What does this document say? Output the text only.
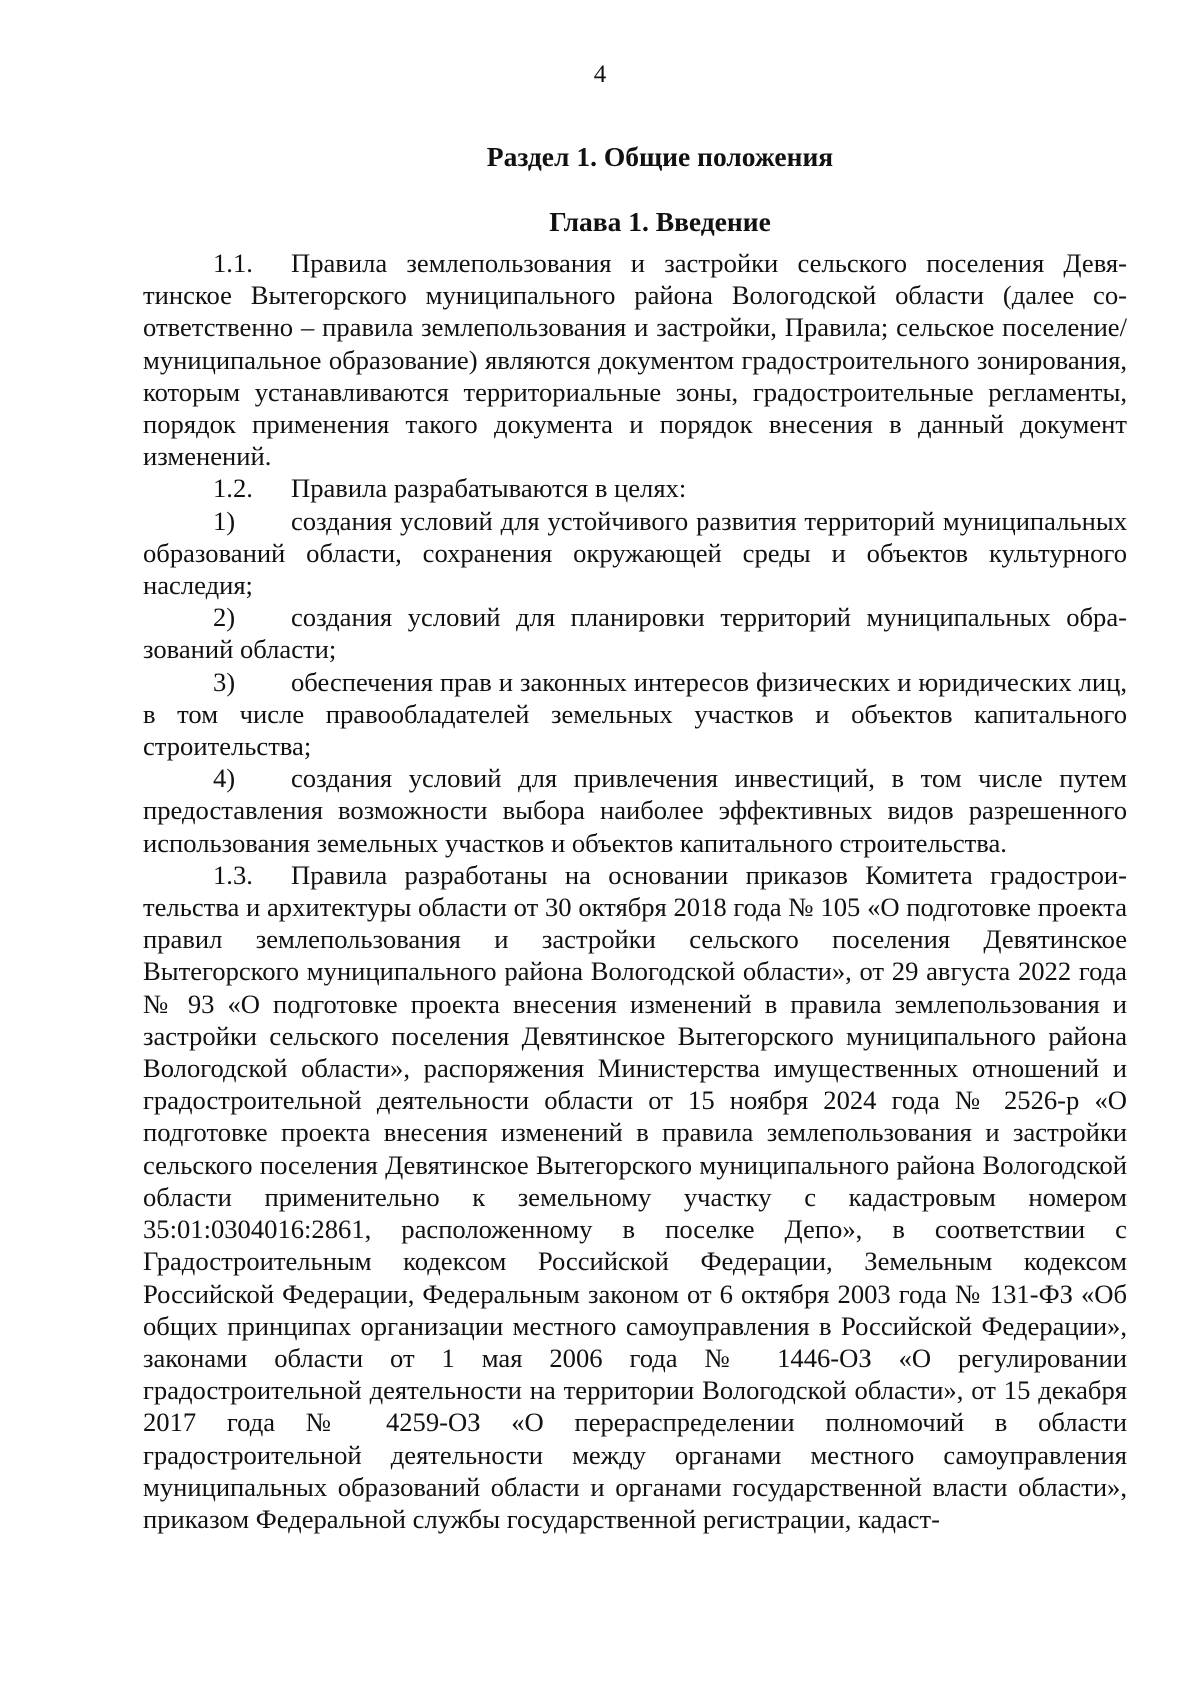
4
Раздел 1. Общие положения
Глава 1. Введение

1.1. Правила землепользования и застройки сельского поселения Девятинское Вытегорского муниципального района Вологодской области (далее соответственно – правила землепользования и застройки, Правила; сельское поселение/муниципальное образование) являются документом градостроительного зонирования, которым устанавливаются территориальные зоны, градостроительные регламенты, порядок применения такого документа и порядок внесения в данный документ изменений.

1.2. Правила разрабатываются в целях:

1) создания условий для устойчивого развития территорий муниципальных образований области, сохранения окружающей среды и объектов культурного наследия;

2) создания условий для планировки территорий муниципальных образований области;

3) обеспечения прав и законных интересов физических и юридических лиц, в том числе правообладателей земельных участков и объектов капитального строительства;

4) создания условий для привлечения инвестиций, в том числе путем предоставления возможности выбора наиболее эффективных видов разрешенного использования земельных участков и объектов капитального строительства.

1.3. Правила разработаны на основании приказов Комитета градостроительства и архитектуры области от 30 октября 2018 года № 105 «О подготовке проекта правил землепользования и застройки сельского поселения Девятинское Вытегорского муниципального района Вологодской области», от 29 августа 2022 года № 93 «О подготовке проекта внесения изменений в правила землепользования и застройки сельского поселения Девятинское Вытегорского муниципального района Вологодской области», распоряжения Министерства имущественных отношений и градостроительной деятельности области от 15 ноября 2024 года № 2526-р «О подготовке проекта внесения изменений в правила землепользования и застройки сельского поселения Девятинское Вытегорского муниципального района Вологодской области применительно к земельному участку с кадастровым номером 35:01:0304016:2861, расположенному в поселке Депо», в соответствии с Градостроительным кодексом Российской Федерации, Земельным кодексом Российской Федерации, Федеральным законом от 6 октября 2003 года № 131-ФЗ «Об общих принципах организации местного самоуправления в Российской Федерации», законами области от 1 мая 2006 года № 1446-ОЗ «О регулировании градостроительной деятельности на территории Вологодской области», от 15 декабря 2017 года № 4259-ОЗ «О перераспределении полномочий в области градостроительной деятельности между органами местного самоуправления муниципальных образований области и органами государственной власти области», приказом Федеральной службы государственной регистрации, кадаст-
